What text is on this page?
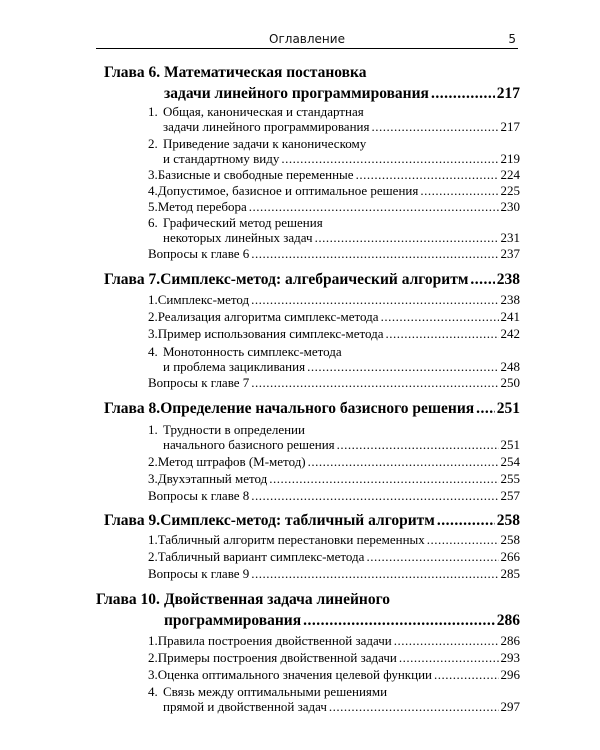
Оглавление	5
Глава 6. Математическая постановка
задачи линейного программирования .....	217
1. Общая, каноническая и стандартная
задачи линейного программирования .....	217
2. Приведение задачи к каноническому
и стандартному виду .....	219
3. Базисные и свободные переменные .....	224
4. Допустимое, базисное и оптимальное решения .....	225
5. Метод перебора .....	230
6. Графический метод решения
некоторых линейных задач .....	231
Вопросы к главе 6 .....	237
Глава 7. Симплекс-метод: алгебраический алгоритм ..... 238
1. Симплекс-метод .....	238
2. Реализация алгоритма симплекс-метода .....	241
3. Пример использования симплекс-метода .....	242
4. Монотонность симплекс-метода
и проблема зацикливания .....	248
Вопросы к главе 7 .....	250
Глава 8. Определение начального базисного решения ..... 251
1. Трудности в определении
начального базисного решения .....	251
2. Метод штрафов (M-метод) .....	254
3. Двухэтапный метод .....	255
Вопросы к главе 8 .....	257
Глава 9. Симплекс-метод: табличный алгоритм .....	258
1. Табличный алгоритм перестановки переменных .....	258
2. Табличный вариант симплекс-метода .....	266
Вопросы к главе 9 .....	285
Глава 10. Двойственная задача линейного
программирования .....	286
1. Правила построения двойственной задачи .....	286
2. Примеры построения двойственной задачи .....	293
3. Оценка оптимального значения целевой функции .....	296
4. Связь между оптимальными решениями
прямой и двойственной задач .....	297
